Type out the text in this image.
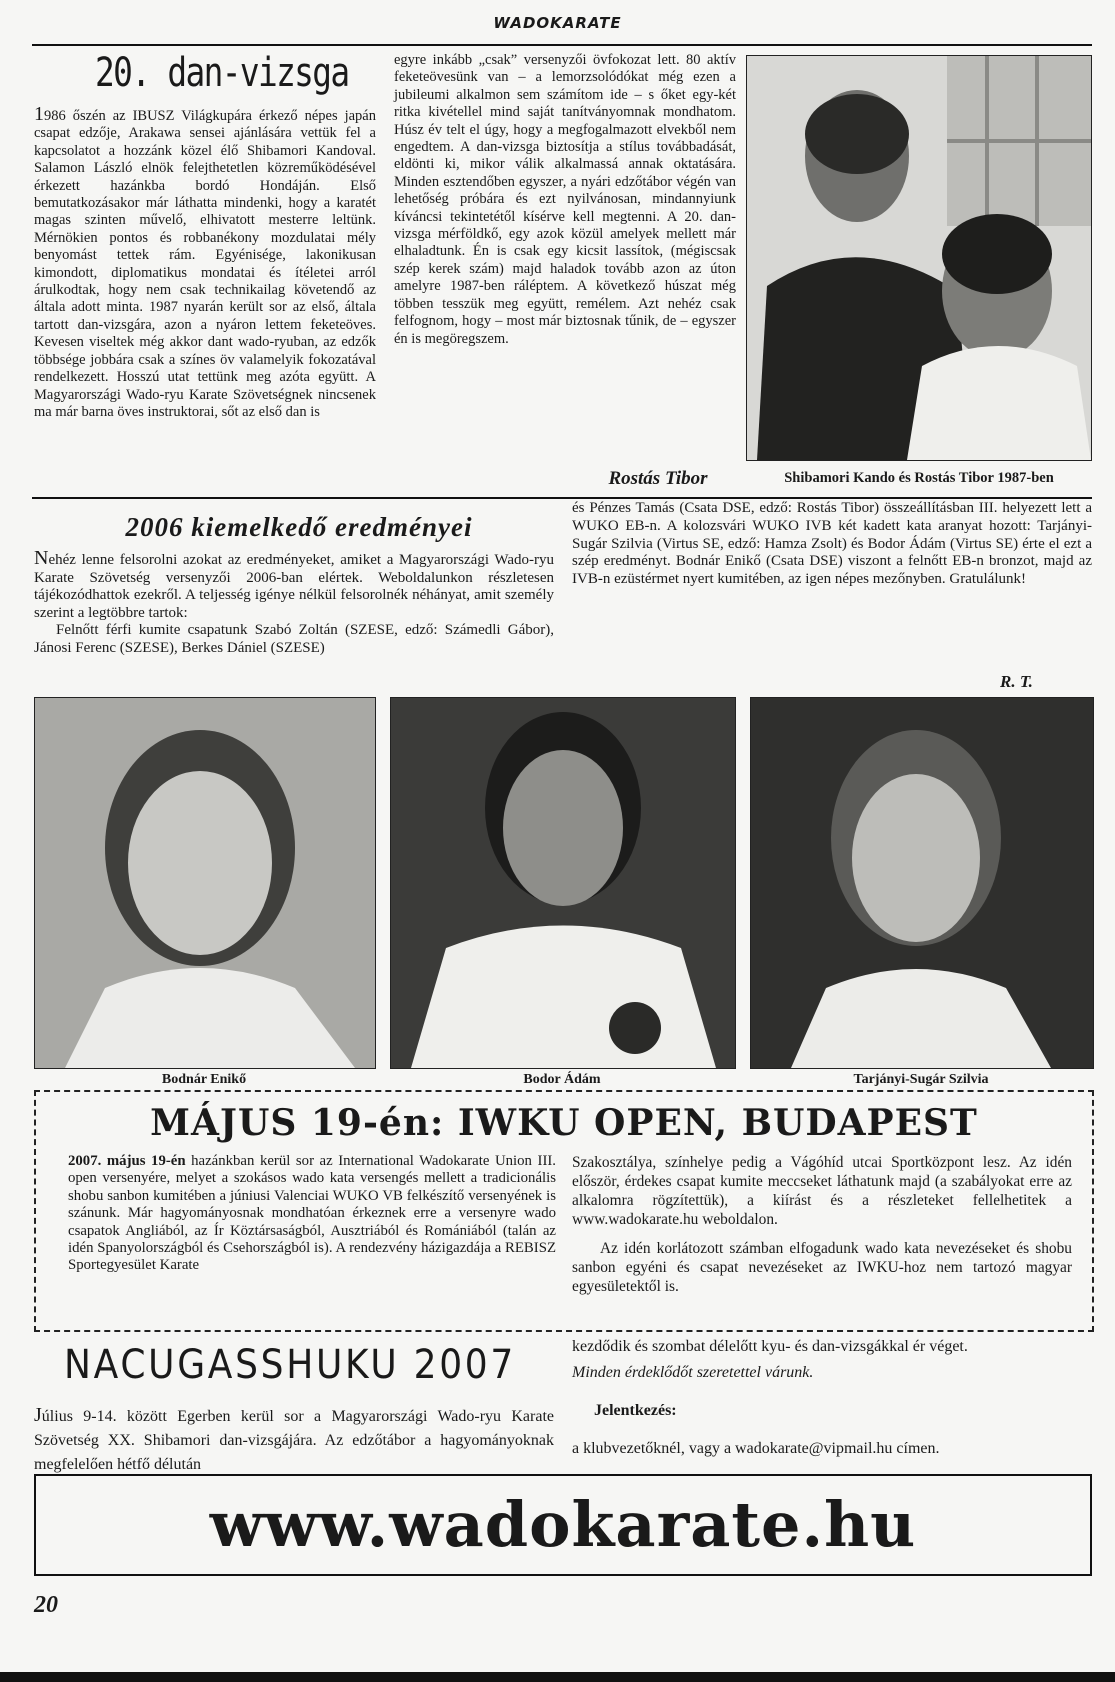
WADOKARATE
20. dan-vizsga

1986 őszén az IBUSZ Világkupára érkező népes japán csapat edzője, Arakawa sensei ajánlására vettük fel a kapcsolatot a hozzánk közel élő Shibamori Kandoval. Salamon László elnök felejthetetlen közreműködésével érkezett hazánkba bordó Hondáján. Első bemutatkozásakor már láthatta mindenki, hogy a karatét magas szinten művelő, elhivatott mesterre leltünk. Mérnökien pontos és robbanékony mozdulatai mély benyomást tettek rám. Egyénisége, lakonikusan kimondott, diplomatikus mondatai és ítéletei arról árulkodtak, hogy nem csak technikailag követendő az általa adott minta. 1987 nyarán került sor az első, általa tartott dan-vizsgára, azon a nyáron lettem feketeöves. Kevesen viseltek még akkor dant wado-ryuban, az edzők többsége jobbára csak a színes öv valamelyik fokozatával rendelkezett. Hosszú utat tettünk meg azóta együtt. A Magyarországi Wado-ryu Karate Szövetségnek nincsenek ma már barna öves instruktorai, sőt az első dan is

egyre inkább „csak” versenyzői övfokozat lett. 80 aktív feketeövesünk van – a lemorzsolódókat még ezen a jubileumi alkalmon sem számítom ide – s őket egy-két ritka kivétellel mind saját tanítványomnak mondhatom. Húsz év telt el úgy, hogy a megfogalmazott elvekből nem engedtem. A dan-vizsga biztosítja a stílus továbbadását, eldönti ki, mikor válik alkalmassá annak oktatására. Minden esztendőben egyszer, a nyári edzőtábor végén van lehetőség próbára és ezt nyilvánosan, mindannyiunk kíváncsi tekintetétől kísérve kell megtenni. A 20. dan-vizsga mérföldkő, egy azok közül amelyek mellett már elhaladtunk. Én is csak egy kicsit lassítok, (mégiscsak szép kerek szám) majd haladok tovább azon az úton amelyre 1987-ben ráléptem. A következő húszat még többen tesszük meg együtt, remélem. Azt nehéz csak felfognom, hogy – most már biztosnak tűnik, de – egyszer én is megöregszem.

Rostás Tibor	Shibamori Kando és Rostás Tibor 1987-ben
2006 kiemelkedő eredményei

Nehéz lenne felsorolni azokat az eredményeket, amiket a Magyarországi Wado-ryu Karate Szövetség versenyzői 2006-ban elértek. Weboldalunkon részletesen tájékozódhattok ezekről. A teljesség igénye nélkül felsorolnék néhányat, amit személy szerint a legtöbbre tartok:

Felnőtt férfi kumite csapatunk Szabó Zoltán (SZESE, edző: Számedli Gábor), Jánosi Ferenc (SZESE), Berkes Dániel (SZESE)

és Pénzes Tamás (Csata DSE, edző: Rostás Tibor) összeállításban III. helyezett lett a WUKO EB-n. A kolozsvári WUKO IVB két kadett kata aranyat hozott: Tarjányi-Sugár Szilvia (Virtus SE, edző: Hamza Zsolt) és Bodor Ádám (Virtus SE) érte el ezt a szép eredményt. Bodnár Enikő (Csata DSE) viszont a felnőtt EB-n bronzot, majd az IVB-n ezüstérmet nyert kumitében, az igen népes mezőnyben. Gratulálunk!

R. T.
Bodnár Enikő	Bodor Ádám	Tarjányi-Sugár Szilvia
MÁJUS 19-én: IWKU OPEN, BUDAPEST

2007. május 19-én hazánkban kerül sor az International Wadokarate Union III. open versenyére, melyet a szokásos wado kata versengés mellett a tradicionális shobu sanbon kumitében a júniusi Valenciai WUKO VB felkészítő versenyének is szánunk. Már hagyományosnak mondhatóan érkeznek erre a versenyre wado csapatok Angliából, az Ír Köztársaságból, Ausztriából és Romániából (talán az idén Spanyolországból és Csehországból is). A rendezvény házigazdája a REBISZ Sportegyesület Karate

Szakosztálya, színhelye pedig a Vágóhíd utcai Sportközpont lesz. Az idén először, érdekes csapat kumite meccseket láthatunk majd (a szabályokat erre az alkalomra rögzítettük), a kiírást és a részleteket fellelhetitek a www.wadokarate.hu weboldalon.

Az idén korlátozott számban elfogadunk wado kata nevezéseket és shobu sanbon egyéni és csapat nevezéseket az IWKU-hoz nem tartozó magyar egyesületektől is.

NACUGASSHUKU 2007

Július 9-14. között Egerben kerül sor a Magyarországi Wado-ryu Karate Szövetség XX. Shibamori dan-vizsgájára. Az edzőtábor a hagyományoknak megfelelően hétfő délután

kezdődik és szombat délelőtt kyu- és dan-vizsgákkal ér véget.

Minden érdeklődőt szeretettel várunk.

Jelentkezés:

a klubvezetőknél, vagy a wadokarate@vipmail.hu címen.

www.wadokarate.hu
20
